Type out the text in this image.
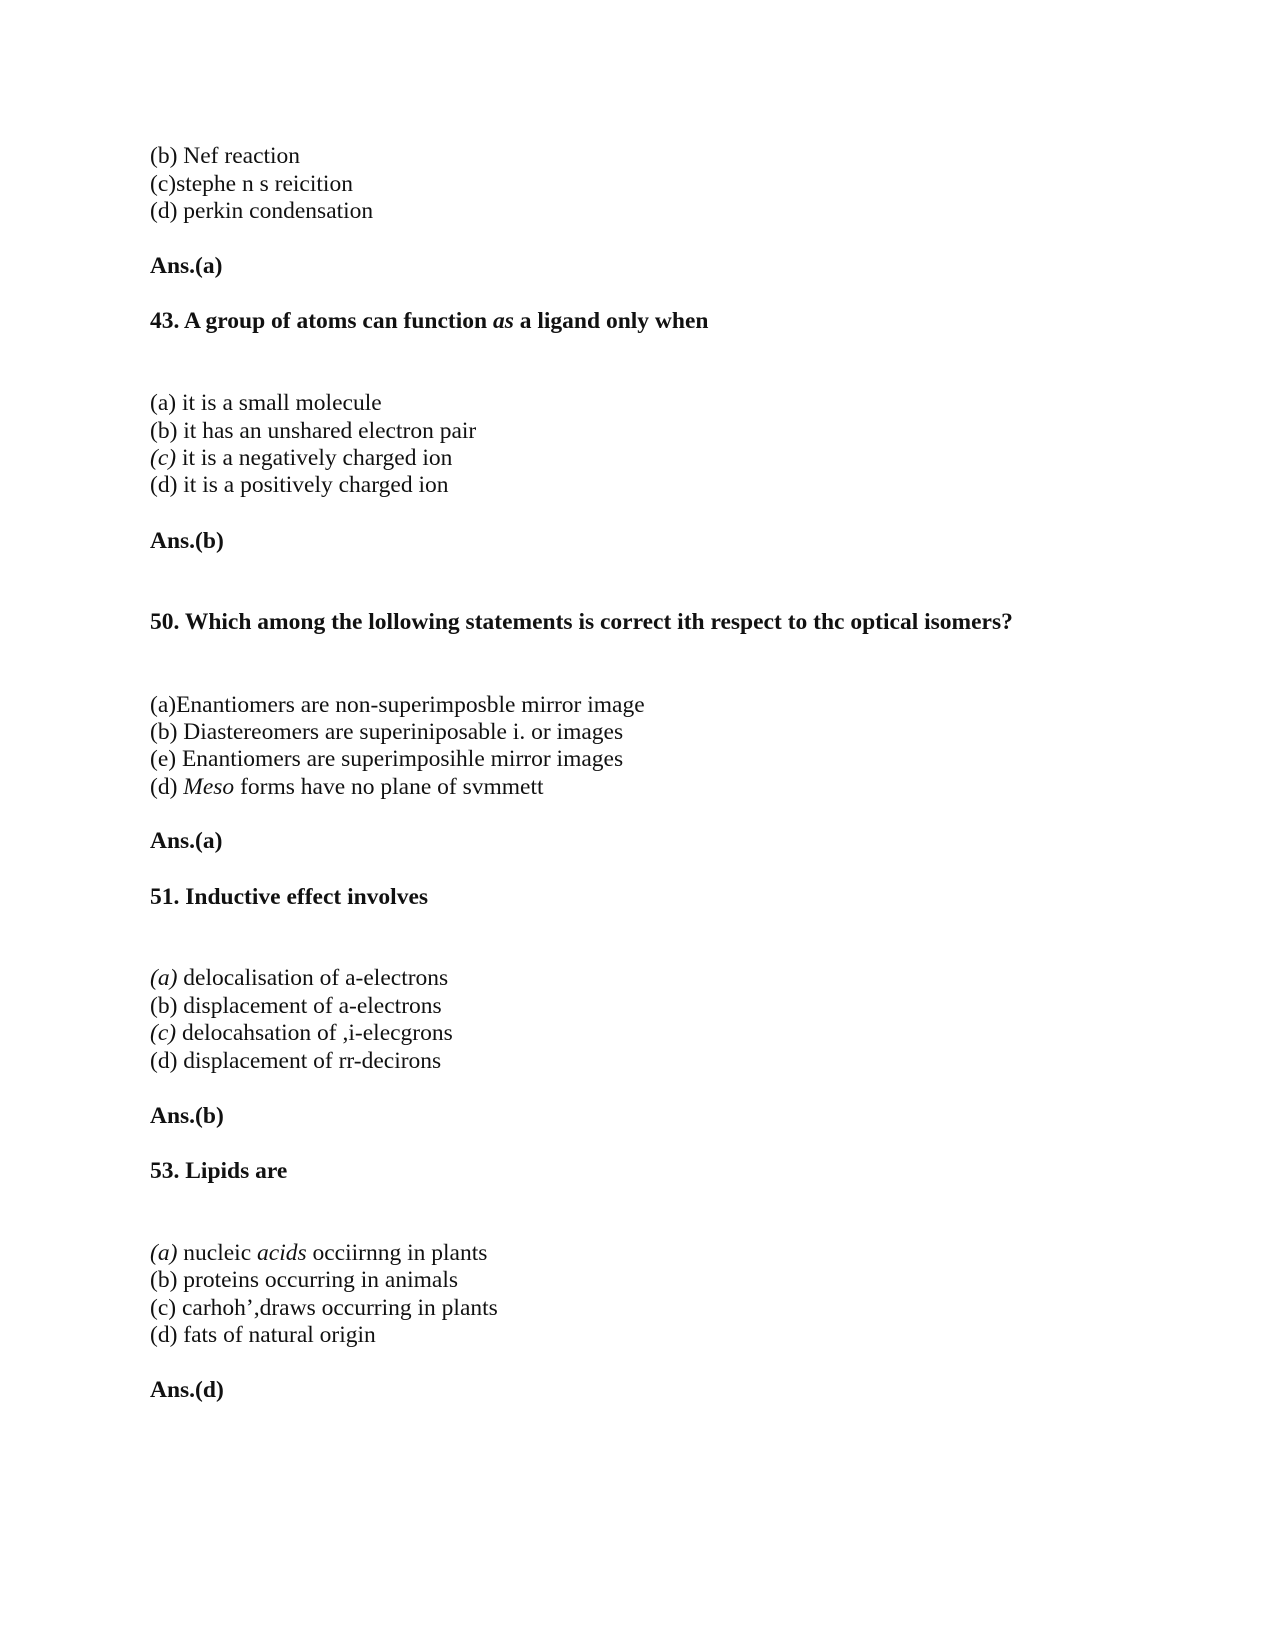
(b) Nef reaction
(c)stephe n s reicition
(d) perkin condensation
Ans.(a)
43. A group of atoms can function as a ligand only when
(a) it is a small molecule
(b) it has an unshared electron pair
(c) it is a negatively charged ion
(d) it is a positively charged ion
Ans.(b)
50. Which among the lollowing statements is correct ith respect to thc optical isomers?
(a)Enantiomers are non-superimposble mirror image
(b) Diastereomers are superiniposable i. or images
(e) Enantiomers are superimposihle mirror images
(d) Meso forms have no plane of svmmett
Ans.(a)
51. Inductive effect involves
(a) delocalisation of a-electrons
(b) displacement of a-electrons
(c) delocahsation of ,i-elecgrons
(d) displacement of rr-decirons
Ans.(b)
53. Lipids are
(a) nucleic acids occiirnng in plants
(b) proteins occurring in animals
(c) carhoh’,draws occurring in plants
(d) fats of natural origin
Ans.(d)
